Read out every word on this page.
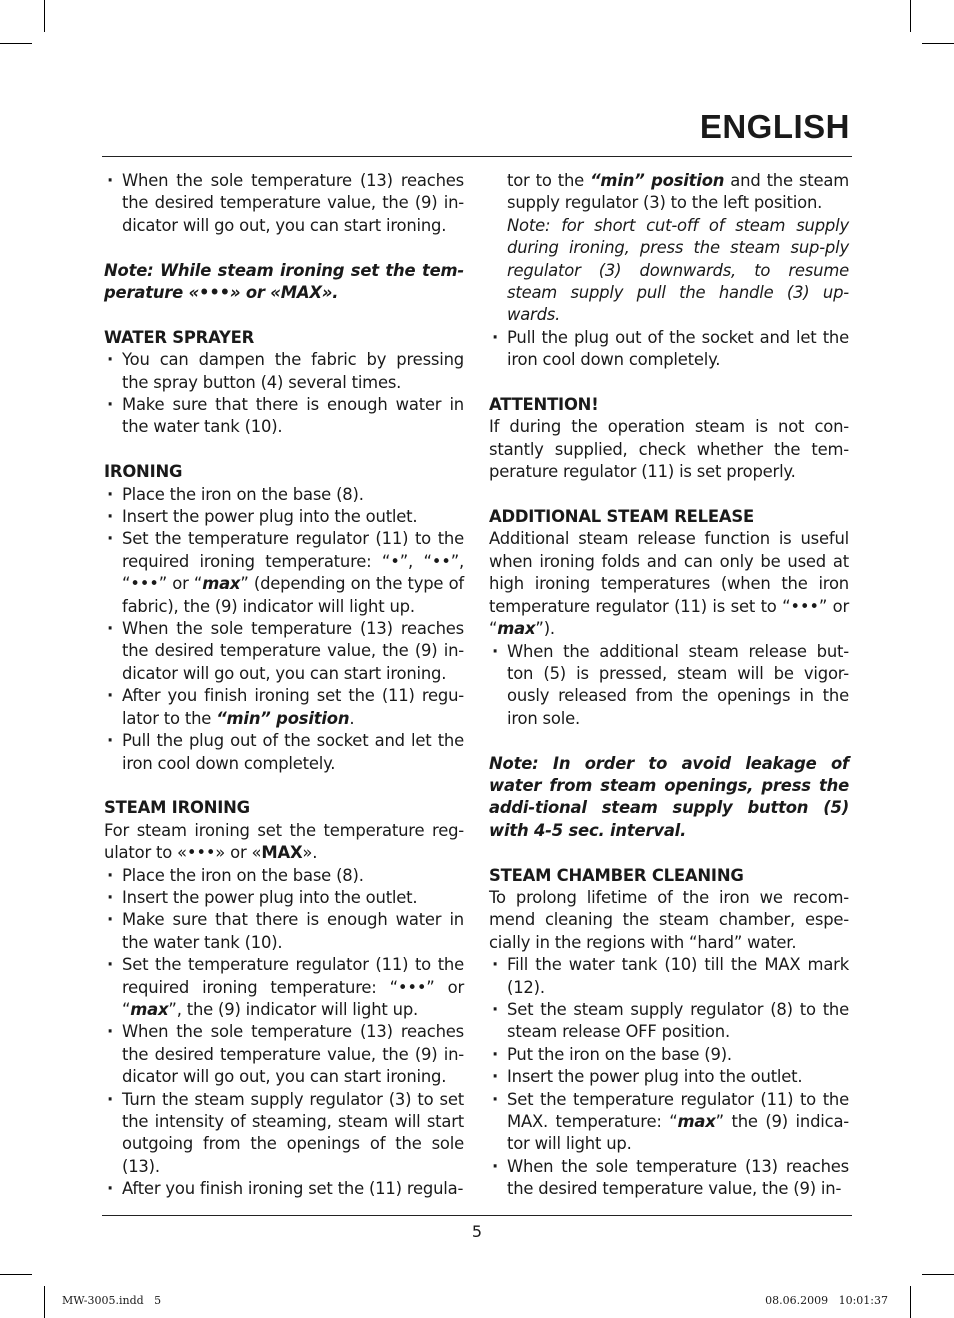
ENGLISH
· When the sole temperature (13) reaches the desired temperature value, the (9) in-dicator will go out, you can start ironing.

Note: While steam ironing set the tem-perature «•••» or «MAX».

WATER SPRAYER

· You can dampen the fabric by pressing the spray button (4) several times.
· Make sure that there is enough water in the water tank (10).

IRONING

· Place the iron on the base (8).
· Insert the power plug into the outlet.
· Set the temperature regulator (11) to the required ironing temperature: “•”, “••”, “•••” or “max” (depending on the type of fabric), the (9) indicator will light up.
· When the sole temperature (13) reaches the desired temperature value, the (9) in-dicator will go out, you can start ironing.
· After you finish ironing set the (11) regu-lator to the “min” position.
· Pull the plug out of the socket and let the iron cool down completely.

STEAM IRONING

For steam ironing set the temperature reg-ulator to «•••» or «MAX».

· Place the iron on the base (8).
· Insert the power plug into the outlet.
· Make sure that there is enough water in the water tank (10).
· Set the temperature regulator (11) to the required ironing temperature: “•••” or “max”, the (9) indicator will light up.
· When the sole temperature (13) reaches the desired temperature value, the (9) in-dicator will go out, you can start ironing.
· Turn the steam supply regulator (3) to set the intensity of steaming, steam will start outgoing from the openings of the sole (13).
· After you finish ironing set the (11) regula-

tor to the “min” position and the steam supply regulator (3) to the left position.

Note: for short cut-off of steam supply during ironing, press the steam sup-ply regulator (3) downwards, to resume steam supply pull the handle (3) up-wards.

· Pull the plug out of the socket and let the iron cool down completely.

ATTENTION!

If during the operation steam is not con-stantly supplied, check whether the tem-perature regulator (11) is set properly.

ADDITIONAL STEAM RELEASE

Additional steam release function is useful when ironing folds and can only be used at high ironing temperatures (when the iron temperature regulator (11) is set to “•••” or “max”).

· When the additional steam release but-ton (5) is pressed, steam will be vigor-ously released from the openings in the iron sole.

Note: In order to avoid leakage of water from steam openings, press the addi-tional steam supply button (5) with 4-5 sec. interval.

STEAM CHAMBER CLEANING

To prolong lifetime of the iron we recom-mend cleaning the steam chamber, espe-cially in the regions with “hard” water.

· Fill the water tank (10) till the MAX mark (12).
· Set the steam supply regulator (8) to the steam release OFF position.
· Put the iron on the base (9).
· Insert the power plug into the outlet.
· Set the temperature regulator (11) to the MAX. temperature: “max” the (9) indica-tor will light up.
· When the sole temperature (13) reaches the desired temperature value, the (9) in-
5
MW-3005.indd   5	08.06.2009   10:01:37
